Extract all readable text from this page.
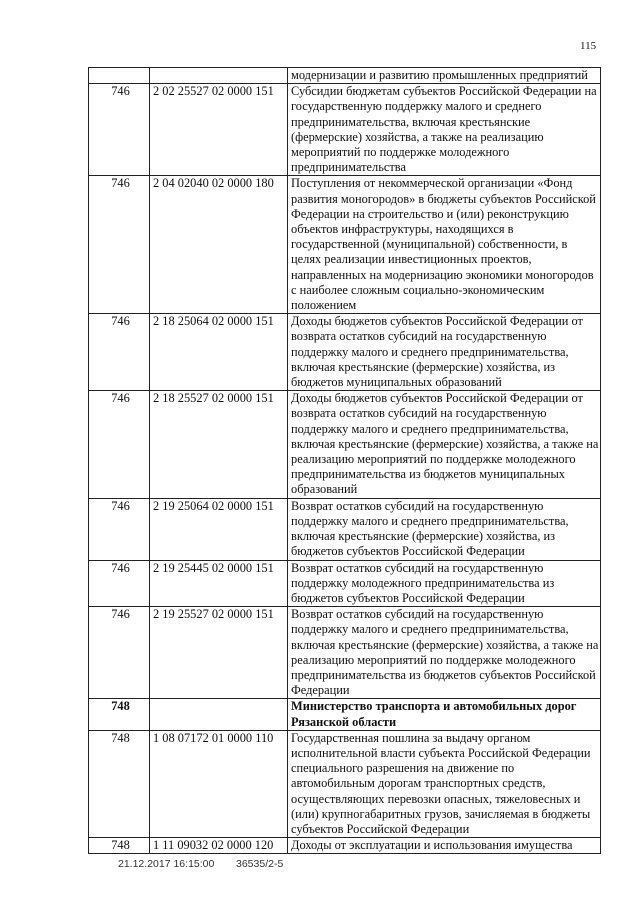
115
		модернизации и развитию промышленных предприятий
746	2 02 25527 02 0000 151	Субсидии бюджетам субъектов Российской Федерации на государственную поддержку малого и среднего предпринимательства, включая крестьянские (фермерские) хозяйства, а также на реализацию мероприятий по поддержке молодежного предпринимательства
746	2 04 02040 02 0000 180	Поступления от некоммерческой организации «Фонд развития моногородов» в бюджеты субъектов Российской Федерации на строительство и (или) реконструкцию объектов инфраструктуры, находящихся в государственной (муниципальной) собственности, в целях реализации инвестиционных проектов, направленных на модернизацию экономики моногородов с наиболее сложным социально-экономическим положением
746	2 18 25064 02 0000 151	Доходы бюджетов субъектов Российской Федерации от возврата остатков субсидий на государственную поддержку малого и среднего предпринимательства, включая крестьянские (фермерские) хозяйства, из бюджетов муниципальных образований
746	2 18 25527 02 0000 151	Доходы бюджетов субъектов Российской Федерации от возврата остатков субсидий на государственную поддержку малого и среднего предпринимательства, включая крестьянские (фермерские) хозяйства, а также на реализацию мероприятий по поддержке молодежного предпринимательства из бюджетов муниципальных образований
746	2 19 25064 02 0000 151	Возврат остатков субсидий на государственную поддержку малого и среднего предпринимательства, включая крестьянские (фермерские) хозяйства, из бюджетов субъектов Российской Федерации
746	2 19 25445 02 0000 151	Возврат остатков субсидий на государственную поддержку молодежного предпринимательства из бюджетов субъектов Российской Федерации
746	2 19 25527 02 0000 151	Возврат остатков субсидий на государственную поддержку малого и среднего предпринимательства, включая крестьянские (фермерские) хозяйства, а также на реализацию мероприятий по поддержке молодежного предпринимательства из бюджетов субъектов Российской Федерации
748		Министерство транспорта и автомобильных дорог Рязанской области
748	1 08 07172 01 0000 110	Государственная пошлина за выдачу органом исполнительной власти субъекта Российской Федерации специального разрешения на движение по автомобильным дорогам транспортных средств, осуществляющих перевозки опасных, тяжеловесных и (или) крупногабаритных грузов, зачисляемая в бюджеты субъектов Российской Федерации
748	1 11 09032 02 0000 120	Доходы от эксплуатации и использования имущества
21.12.2017 16:15:00 36535/2-5
